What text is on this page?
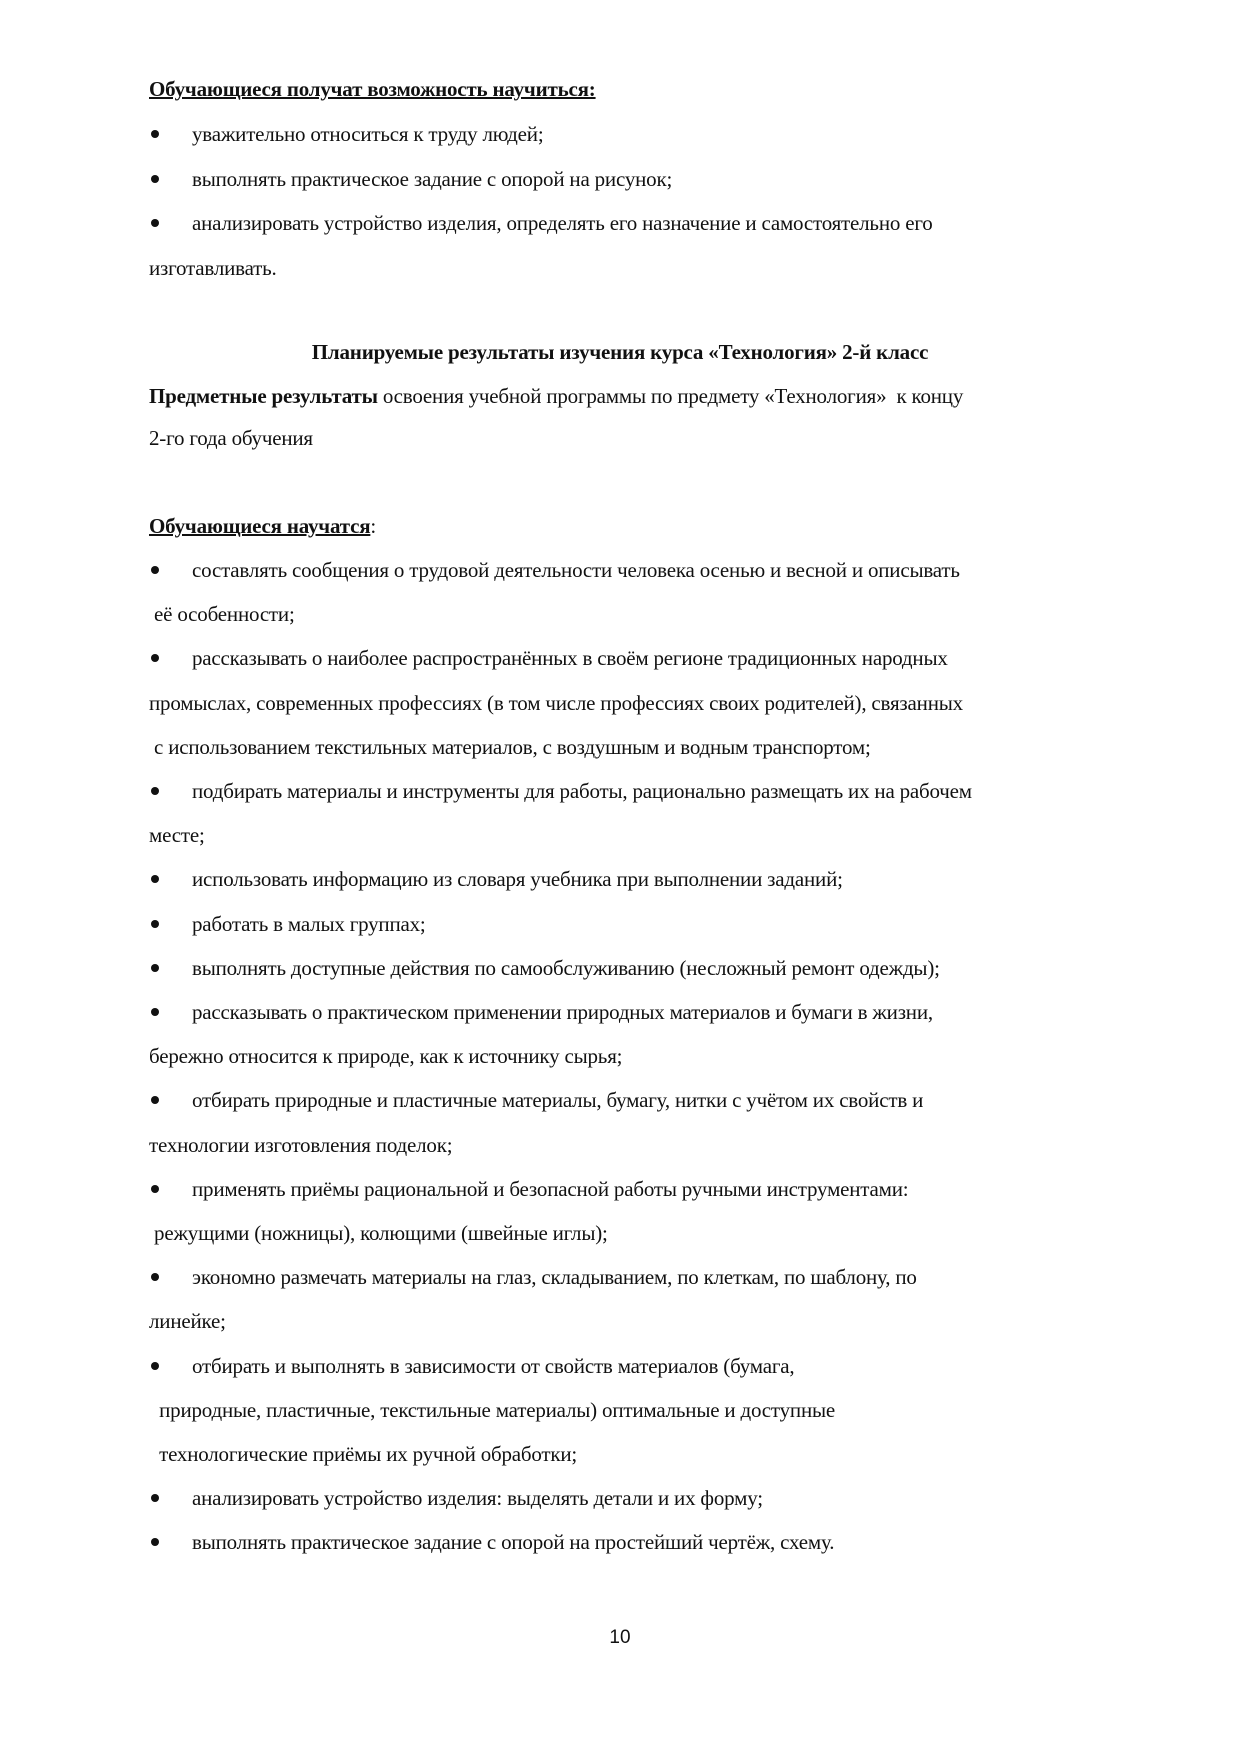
Обучающиеся получат возможность научиться:
уважительно относиться к труду людей;
выполнять практическое задание с опорой на рисунок;
анализировать устройство изделия, определять его назначение и самостоятельно его
изготавливать.
Планируемые результаты изучения курса «Технология» 2-й класс
Предметные результаты освоения учебной программы по предмету «Технология»  к концу
2-го года обучения
Обучающиеся научатся:
составлять сообщения о трудовой деятельности человека осенью и весной и описывать
её особенности;
рассказывать о наиболее распространённых в своём регионе традиционных народных
промыслах, современных профессиях (в том числе профессиях своих родителей), связанных
с использованием текстильных материалов, с воздушным и водным транспортом;
подбирать материалы и инструменты для работы, рационально размещать их на рабочем
месте;
использовать информацию из словаря учебника при выполнении заданий;
работать в малых группах;
выполнять доступные действия по самообслуживанию (несложный ремонт одежды);
рассказывать о практическом применении природных материалов и бумаги в жизни,
бережно относится к природе, как к источнику сырья;
отбирать природные и пластичные материалы, бумагу, нитки с учётом их свойств и
технологии изготовления поделок;
применять приёмы рациональной и безопасной работы ручными инструментами:
режущими (ножницы), колющими (швейные иглы);
экономно размечать материалы на глаз, складыванием, по клеткам, по шаблону, по
линейке;
отбирать и выполнять в зависимости от свойств материалов (бумага,
природные, пластичные, текстильные материалы) оптимальные и доступные
технологические приёмы их ручной обработки;
анализировать устройство изделия: выделять детали и их форму;
выполнять практическое задание с опорой на простейший чертёж, схему.
10
